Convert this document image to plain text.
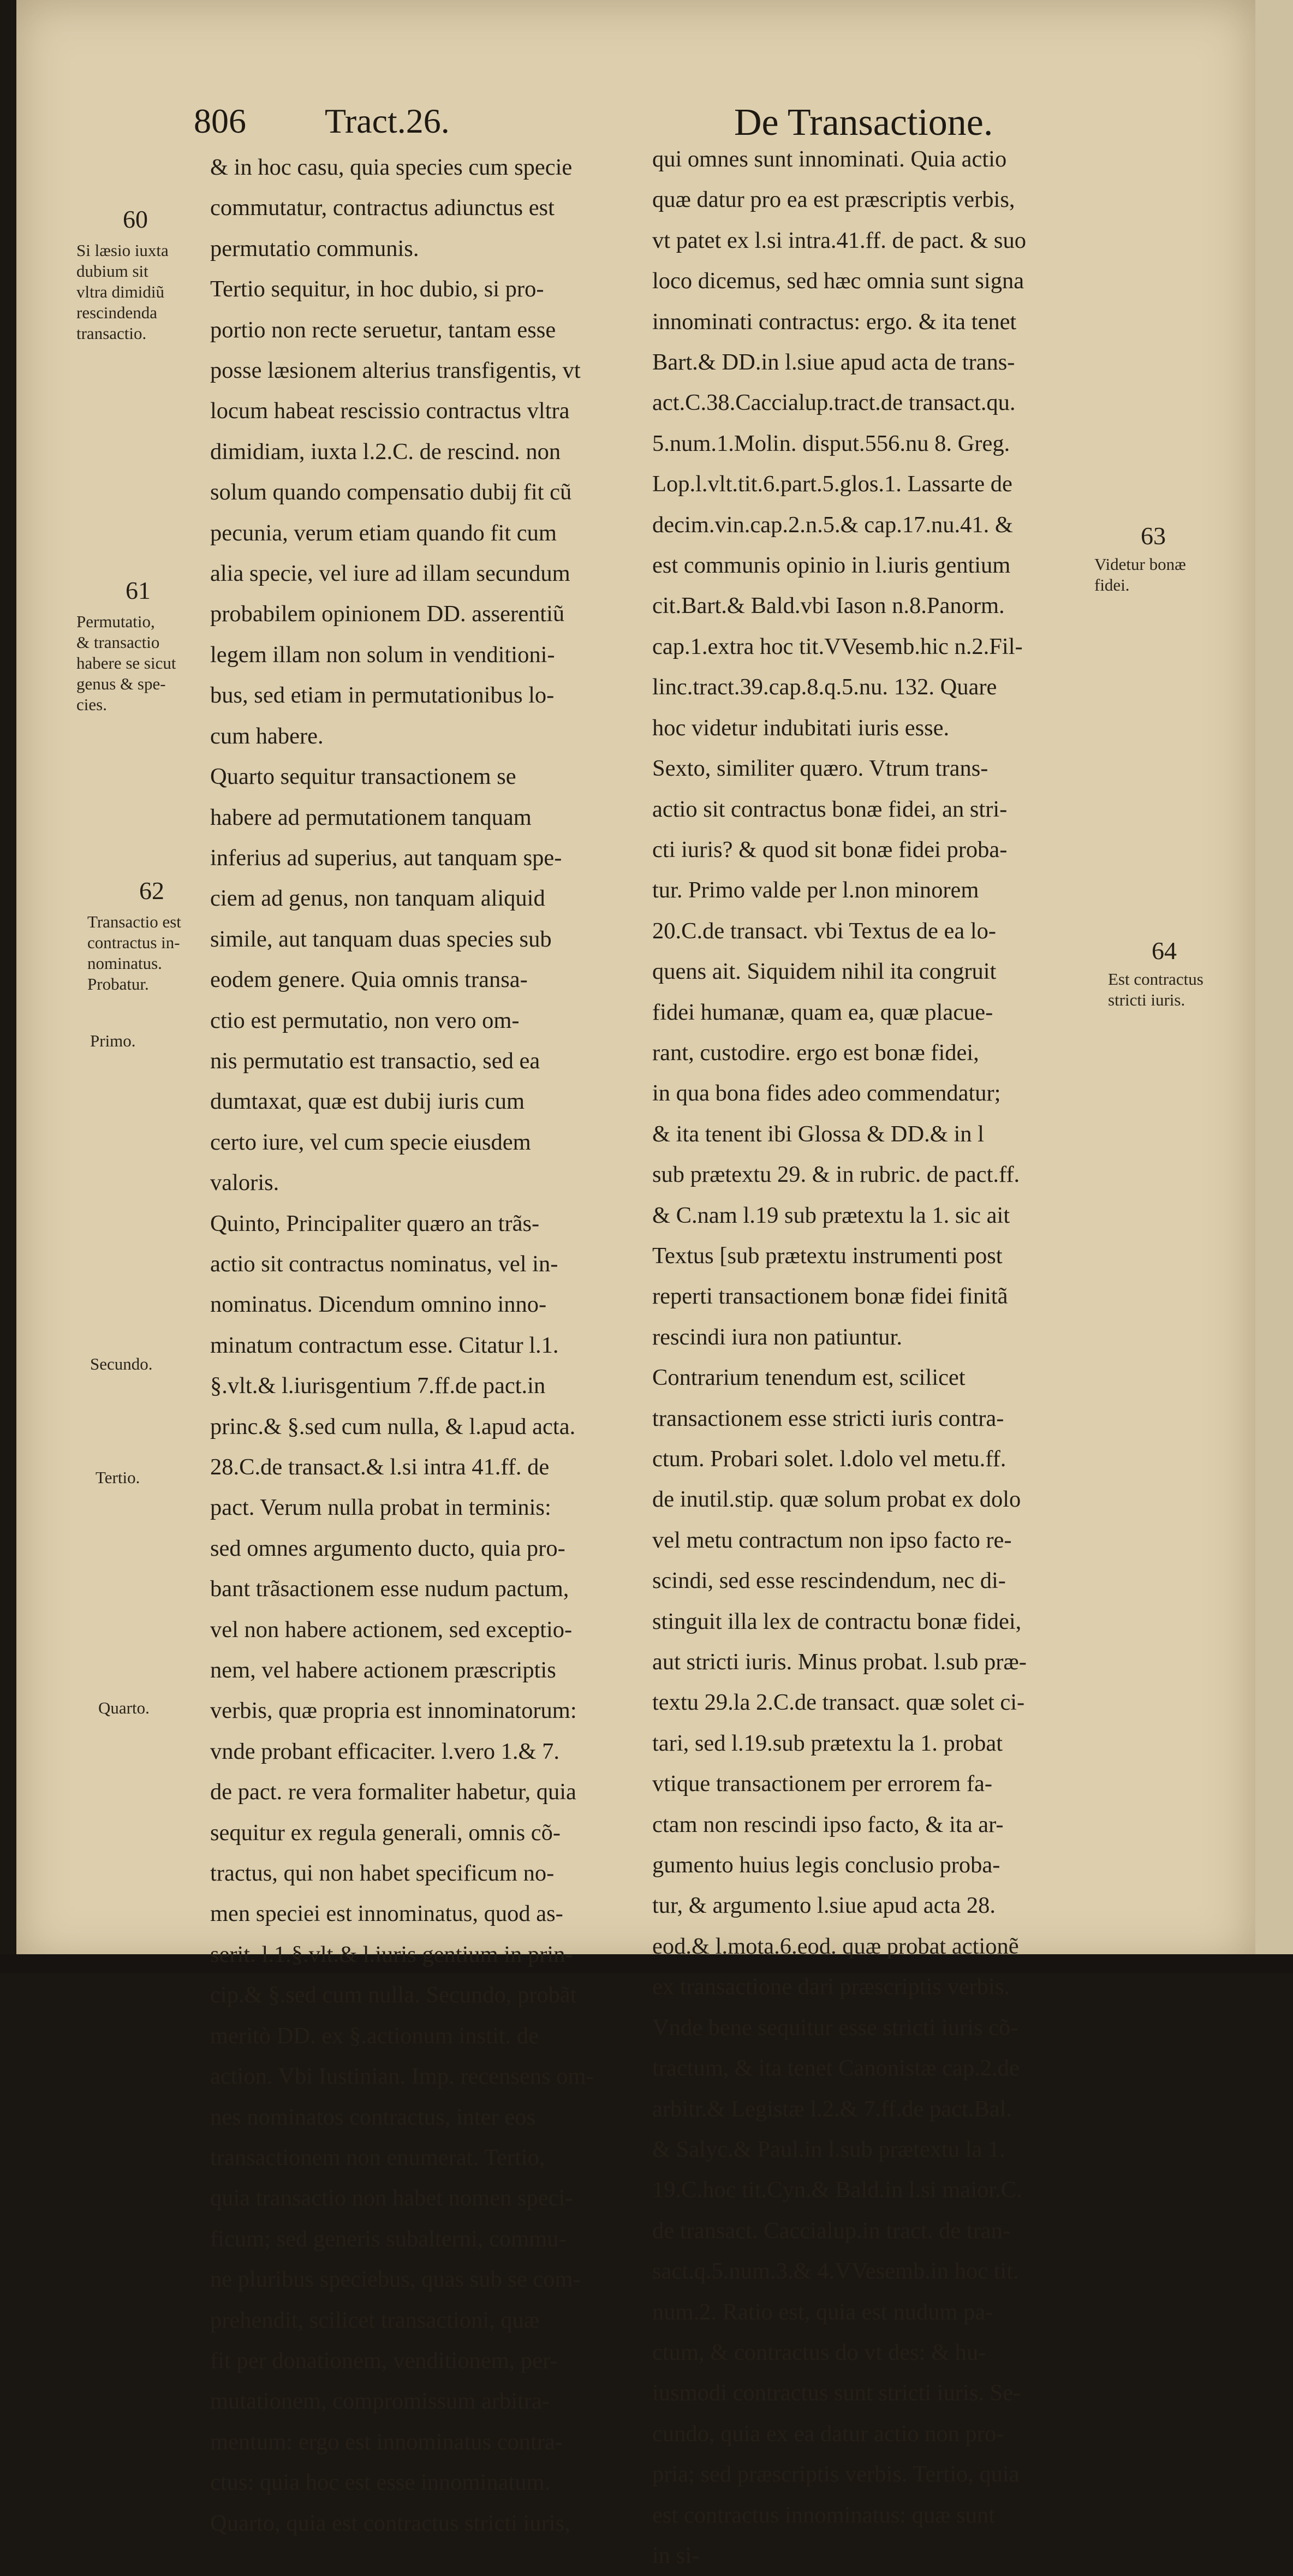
806 Tract.26.	De Transactione.
& in hoc casu, quia species cum specie
commutatur, contractus adiunctus est
permutatio communis.
Tertio sequitur, in hoc dubio, si pro-
portio non recte seruetur, tantam esse
posse læsionem alterius transfigentis, vt
locum habeat rescissio contractus vltra
dimidiam, iuxta l.2.C. de rescind. non
solum quando compensatio dubij fit cũ
pecunia, verum etiam quando fit cum
alia specie, vel iure ad illam secundum
probabilem opinionem DD. asserentiũ
legem illam non solum in venditioni-
bus, sed etiam in permutationibus lo-
cum habere.
Quarto sequitur transactionem se
habere ad permutationem tanquam
inferius ad superius, aut tanquam spe-
ciem ad genus, non tanquam aliquid
simile, aut tanquam duas species sub
eodem genere. Quia omnis transa-
ctio est permutatio, non vero om-
nis permutatio est transactio, sed ea
dumtaxat, quæ est dubij iuris cum
certo iure, vel cum specie eiusdem
valoris.
Quinto, Principaliter quæro an trãs-
actio sit contractus nominatus, vel in-
nominatus. Dicendum omnino inno-
minatum contractum esse. Citatur l.1.
§.vlt.& l.iurisgentium 7.ff.de pact.in
princ.& §.sed cum nulla, & l.apud acta.
28.C.de transact.& l.si intra 41.ff. de
pact. Verum nulla probat in terminis:
sed omnes argumento ducto, quia pro-
bant trãsactionem esse nudum pactum,
vel non habere actionem, sed exceptio-
nem, vel habere actionem præscriptis
verbis, quæ propria est innominatorum:
vnde probant efficaciter. l.vero 1.& 7.
de pact. re vera formaliter habetur, quia
sequitur ex regula generali, omnis cõ-
tractus, qui non habet specificum no-
men speciei est innominatus, quod as-
serit. l.1.§.vlt.& l.iuris gentium in prin-
cip.& §.sed cum nulla. Secundo, probãt
meritò DD. ex §.actionum instit. de
action. Vbi Iustinian. Imp. recensens om-
nes nominatos contractus, inter eos
transactionem non enumerat. Tertio,
quia transactio non habet nomen speci-
ficum; sed generis subalterni, commu-
ne pluribus speciebus, quas sub se com-
prehendit, scilicet transactioni, quæ
fit per donationem, venditionem, per-
mutationem, compromissum arbitra-
mentum: ergo est innominatus contra-
ctus: quia hoc est esse innominatum.
Quarto, quia est contractus stricti iuris,
qui omnes sunt innominati. Quia actio
quæ datur pro ea est præscriptis verbis,
vt patet ex l.si intra.41.ff. de pact. & suo
loco dicemus, sed hæc omnia sunt signa
innominati contractus: ergo. & ita tenet
Bart.& DD.in l.siue apud acta de trans-
act.C.38.Caccialup.tract.de transact.qu.
5.num.1.Molin. disput.556.nu 8. Greg.
Lop.l.vlt.tit.6.part.5.glos.1. Lassarte de
decim.vin.cap.2.n.5.& cap.17.nu.41. &
est communis opinio in l.iuris gentium
cit.Bart.& Bald.vbi Iason n.8.Panorm.
cap.1.extra hoc tit.VVesemb.hic n.2.Fil-
linc.tract.39.cap.8.q.5.nu. 132. Quare
hoc videtur indubitati iuris esse.
Sexto, similiter quæro. Vtrum trans-
actio sit contractus bonæ fidei, an stri-
cti iuris? & quod sit bonæ fidei proba-
tur. Primo valde per l.non minorem
20.C.de transact. vbi Textus de ea lo-
quens ait. Siquidem nihil ita congruit
fidei humanæ, quam ea, quæ placue-
rant, custodire. ergo est bonæ fidei,
in qua bona fides adeo commendatur;
& ita tenent ibi Glossa & DD.& in l
sub prætextu 29. & in rubric. de pact.ff.
& C.nam l.19 sub prætextu la 1. sic ait
Textus [sub prætextu instrumenti post
reperti transactionem bonæ fidei finitã
rescindi iura non patiuntur.
Contrarium tenendum est, scilicet
transactionem esse stricti iuris contra-
ctum. Probari solet. l.dolo vel metu.ff.
de inutil.stip. quæ solum probat ex dolo
vel metu contractum non ipso facto re-
scindi, sed esse rescindendum, nec di-
stinguit illa lex de contractu bonæ fidei,
aut stricti iuris. Minus probat. l.sub præ-
textu 29.la 2.C.de transact. quæ solet ci-
tari, sed l.19.sub prætextu la 1. probat
vtique transactionem per errorem fa-
ctam non rescindi ipso facto, & ita ar-
gumento huius legis conclusio proba-
tur, & argumento l.siue apud acta 28.
eod.& l.mota.6.eod. quæ probat actionẽ
ex transactione dari præscriptis verbis.
Vnde bene sequitur esse stricti iuris cõ-
tractum, & ita tenet Canonistæ cap.2.de
arbitr.& Legistæ l.2.& 7.ff.de pact.Bal.
& Salyc.& Paul.in l.sub prætextu la 1.
19.C.hoc tit.Cyn.& Bald.in l.si maior.C.
de transact. Caccialup.in tract. de tran-
sact.q.5.num.3.& 4.VVesemb.in hoc tit.
num.2. Ratio est, quia est nudum pa-
ctum, & contractus do vt des: & hu-
iusmodi contractus sunt stricti iuris. Se-
cundo, quia ex ea datur actio non pro-
pria; sed præscriptis verbis. Tertio, quia
est contractus innominatus: quæ sunt
in si-
60
Si læsio iuxta
dubium sit
vltra dimidiũ
rescindenda
transactio.
61
Permutatio,
& transactio
habere se sicut
genus & spe-
cies.
62
Transactio est
contractus in-
nominatus.
Probatur.
Primo.
Secundo.
Tertio.
Quarto.
63
Videtur bonæ
fidei.
64
Est contractus
stricti iuris.
